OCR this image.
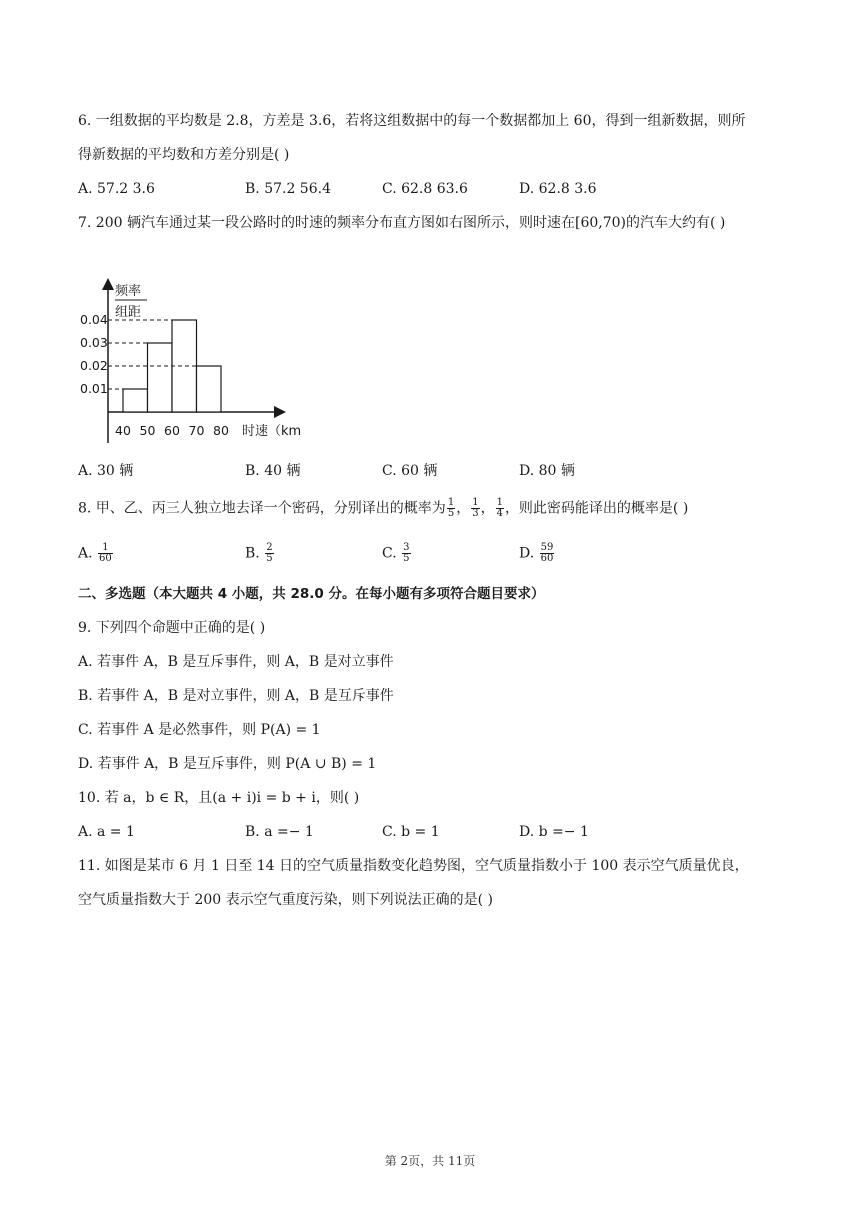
6. 一组数据的平均数是 2.8，方差是 3.6，若将这组数据中的每一个数据都加上 60，得到一组新数据，则所
得新数据的平均数和方差分别是( )
A. 57.2 3.6	B. 57.2 56.4	C. 62.8 63.6	D. 62.8 3.6
7. 200 辆汽车通过某一段公路时的时速的频率分布直方图如右图所示，则时速在[60,70)的汽车大约有( )
频率
组距
0.01
0.02
0.03
0.04
40 50 60 70 80 时速（km
A. 30 辆	B. 40 辆	C. 60 辆	D. 80 辆
8. 甲、乙、丙三人独立地去译一个密码，分别译出的概率为 $\frac{1}{5}$ ， $\frac{1}{3}$ ， $\frac{1}{4}$ ，则此密码能译出的概率是( )
A. $\frac{1}{60}$	B. $\frac{2}{5}$	C. $\frac{3}{5}$	D. $\frac{59}{60}$
二、多选题（本大题共 4 小题，共 28.0 分。在每小题有多项符合题目要求）
9. 下列四个命题中正确的是( )
A. 若事件 A，B 是互斥事件，则 A，B 是对立事件
B. 若事件 A，B 是对立事件，则 A，B 是互斥事件
C. 若事件 A 是必然事件，则 P(A) = 1
D. 若事件 A，B 是互斥事件，则 P(A ∪ B) = 1
10. 若 a，b ∈ R，且(a + i)i = b + i，则( )
A. a = 1	B. a =− 1	C. b = 1	D. b =− 1
11. 如图是某市 6 月 1 日至 14 日的空气质量指数变化趋势图，空气质量指数小于 100 表示空气质量优良，
空气质量指数大于 200 表示空气重度污染，则下列说法正确的是( )
第 2页，共 11页
